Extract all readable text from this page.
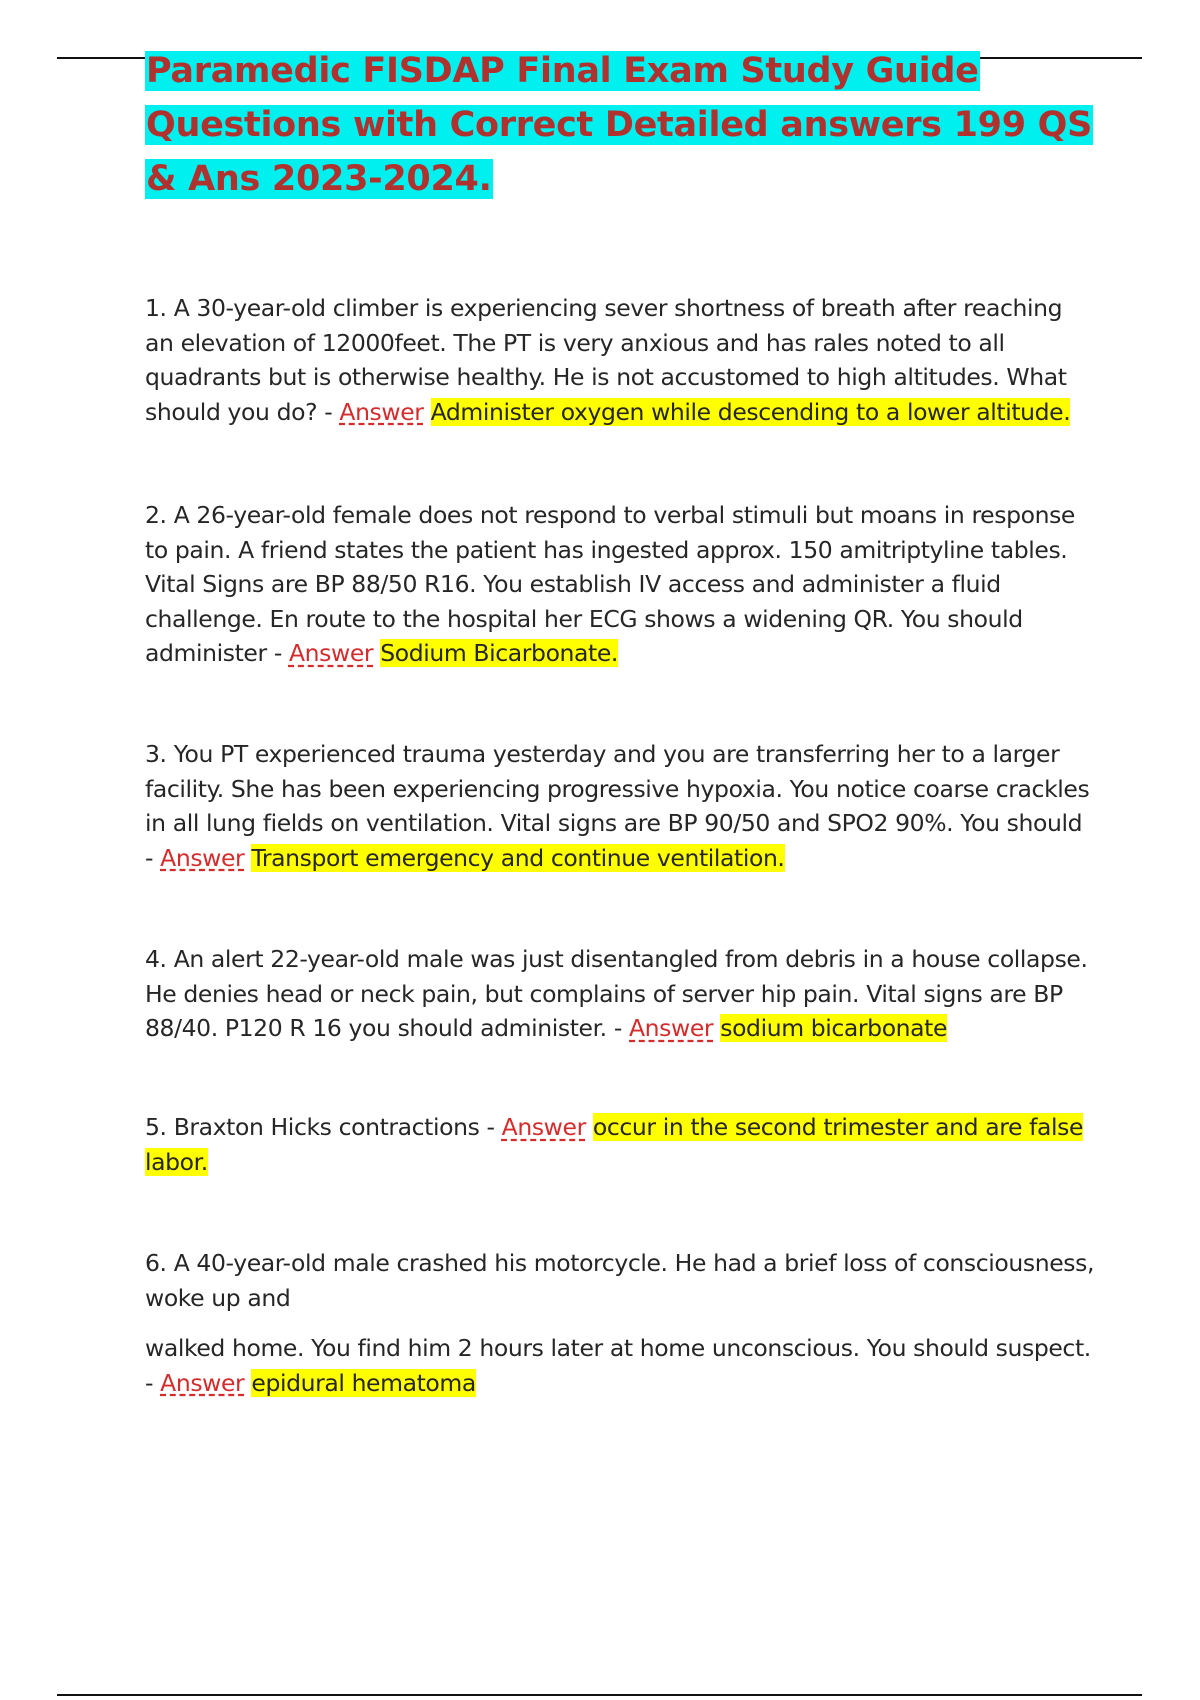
Paramedic FISDAP Final Exam Study Guide Questions with Correct Detailed answers 199 QS & Ans 2023-2024.

1. A 30-year-old climber is experiencing sever shortness of breath after reaching an elevation of 12000feet. The PT is very anxious and has rales noted to all quadrants but is otherwise healthy. He is not accustomed to high altitudes. What should you do? - Answer Administer oxygen while descending to a lower altitude.

2. A 26-year-old female does not respond to verbal stimuli but moans in response to pain. A friend states the patient has ingested approx. 150 amitriptyline tables. Vital Signs are BP 88/50 R16. You establish IV access and administer a fluid challenge. En route to the hospital her ECG shows a widening QR. You should administer - Answer Sodium Bicarbonate.

3. You PT experienced trauma yesterday and you are transferring her to a larger facility. She has been experiencing progressive hypoxia. You notice coarse crackles in all lung fields on ventilation. Vital signs are BP 90/50 and SPO2 90%. You should - Answer Transport emergency and continue ventilation.

4. An alert 22-year-old male was just disentangled from debris in a house collapse. He denies head or neck pain, but complains of server hip pain. Vital signs are BP 88/40. P120 R 16 you should administer. - Answer sodium bicarbonate

5. Braxton Hicks contractions - Answer occur in the second trimester and are false labor.

6. A 40-year-old male crashed his motorcycle. He had a brief loss of consciousness, woke up and
walked home. You find him 2 hours later at home unconscious. You should suspect. - Answer epidural hematoma
